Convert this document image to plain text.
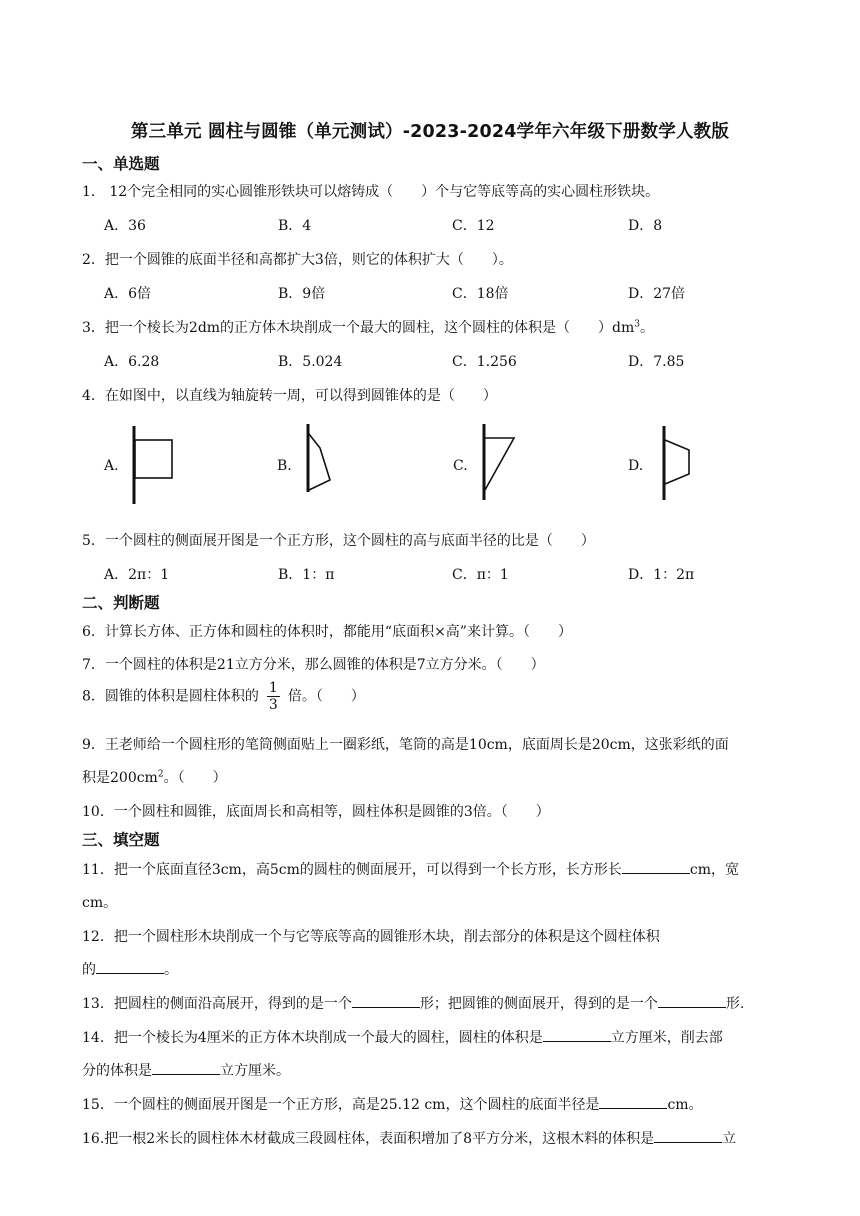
第三单元 圆柱与圆锥（单元测试）-2023-2024学年六年级下册数学人教版
一、单选题
1． 12个完全相同的实心圆锥形铁块可以熔铸成（　　）个与它等底等高的实心圆柱形铁块。
A．36	B．4	C．12	D．8
2．把一个圆锥的底面半径和高都扩大3倍，则它的体积扩大（　　）。
A．6倍	B．9倍	C．18倍	D．27倍
3．把一个棱长为2dm的正方体木块削成一个最大的圆柱，这个圆柱的体积是（　　）$dm^3$。
A．6.28	B．5.024	C．1.256	D．7.85
4．在如图中，以直线为轴旋转一周，可以得到圆锥体的是（　　）
A.	B.	C.	D.
5．一个圆柱的侧面展开图是一个正方形，这个圆柱的高与底面半径的比是（　　）
A．2π：1	B．1：π	C．π：1	D．1：2π
二、判断题
6．计算长方体、正方体和圆柱的体积时，都能用“底面积×高”来计算。（　　）
7．一个圆柱的体积是21立方分米，那么圆锥的体积是7立方分米。（　　）
8．圆锥的体积是圆柱体积的 $\frac{1}{3}$ 倍。（　　）
9．王老师给一个圆柱形的笔筒侧面贴上一圈彩纸，笔筒的高是10cm，底面周长是20cm，这张彩纸的面
积是$200cm^2$。（　　）
10．一个圆柱和圆锥，底面周长和高相等，圆柱体积是圆锥的3倍。（　　）
三、填空题
11．把一个底面直径3cm，高5cm的圆柱的侧面展开，可以得到一个长方形，长方形长	cm，宽
cm。
12．把一个圆柱形木块削成一个与它等底等高的圆锥形木块，削去部分的体积是这个圆柱体积
的	。
13．把圆柱的侧面沿高展开，得到的是一个	形；把圆锥的侧面展开，得到的是一个	形.
14．把一个棱长为4厘米的正方体木块削成一个最大的圆柱，圆柱的体积是	立方厘米，削去部
分的体积是	立方厘米。
15．一个圆柱的侧面展开图是一个正方形，高是25.12 cm，这个圆柱的底面半径是	cm。
16.把一根2米长的圆柱体木材截成三段圆柱体，表面积增加了8平方分米，这根木料的体积是	立
